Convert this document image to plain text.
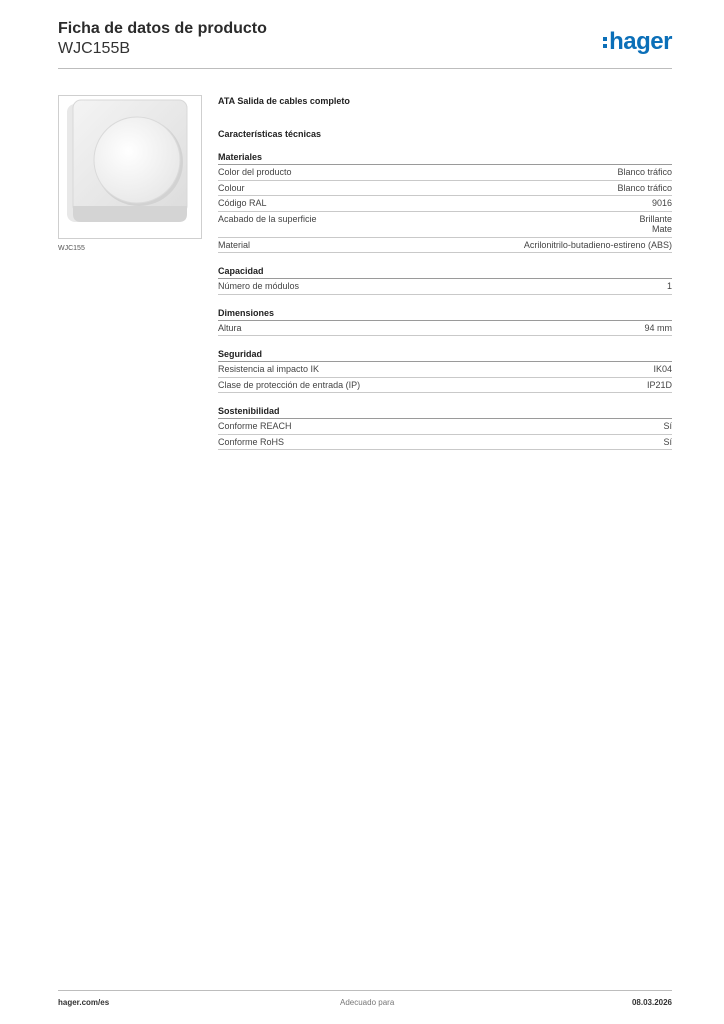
Ficha de datos de producto
WJC155B	hager
WJC155
ATA Salida de cables completo
Características técnicas
Materiales
Color del producto	Blanco tráfico
Colour	Blanco tráfico
Código RAL	9016
Acabado de la superficie	Brillante
Mate
Material	Acrilonitrilo-butadieno-estireno (ABS)
Capacidad
Número de módulos	1
Dimensiones
Altura	94 mm
Seguridad
Resistencia al impacto IK	IK04
Clase de protección de entrada (IP)	IP21D
Sostenibilidad
Conforme REACH	Sí
Conforme RoHS	Sí
hager.com/es	Adecuado para	08.03.2026
